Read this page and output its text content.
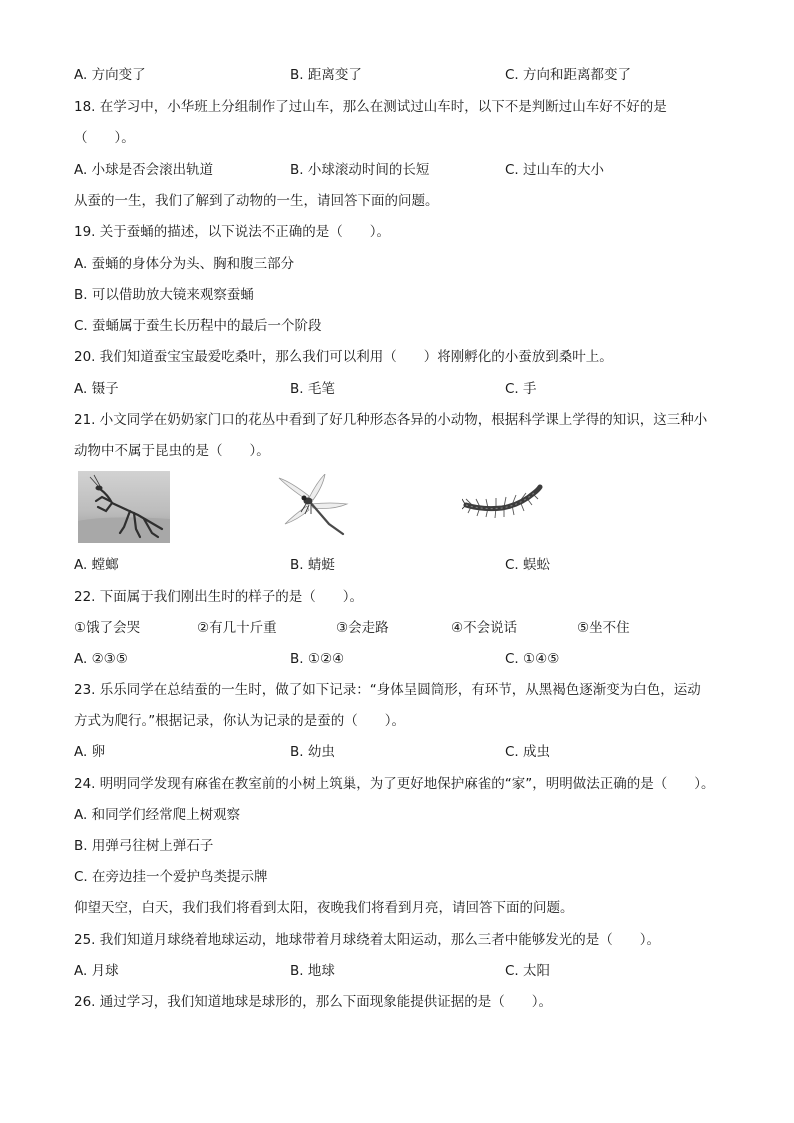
A. 方向变了	B. 距离变了	C. 方向和距离都变了
18. 在学习中，小华班上分组制作了过山车，那么在测试过山车时，以下不是判断过山车好不好的是
（　　）。
A. 小球是否会滚出轨道	B. 小球滚动时间的长短	C. 过山车的大小
从蚕的一生，我们了解到了动物的一生，请回答下面的问题。
19. 关于蚕蛹的描述，以下说法不正确的是（　　）。
A. 蚕蛹的身体分为头、胸和腹三部分
B. 可以借助放大镜来观察蚕蛹
C. 蚕蛹属于蚕生长历程中的最后一个阶段
20. 我们知道蚕宝宝最爱吃桑叶，那么我们可以利用（　　）将刚孵化的小蚕放到桑叶上。
A. 镊子	B. 毛笔	C. 手
21. 小文同学在奶奶家门口的花丛中看到了好几种形态各异的小动物，根据科学课上学得的知识，这三种小
动物中不属于昆虫的是（　　）。
A. 螳螂	B. 蜻蜓	C. 蜈蚣
22. 下面属于我们刚出生时的样子的是（　　）。
①饿了会哭	②有几十斤重	③会走路	④不会说话	⑤坐不住
A. ②③⑤	B. ①②④	C. ①④⑤
23. 乐乐同学在总结蚕的一生时，做了如下记录：“身体呈圆筒形，有环节，从黑褐色逐渐变为白色，运动
方式为爬行。”根据记录，你认为记录的是蚕的（　　）。
A. 卵	B. 幼虫	C. 成虫
24. 明明同学发现有麻雀在教室前的小树上筑巢，为了更好地保护麻雀的“家”，明明做法正确的是（　　）。
A. 和同学们经常爬上树观察
B. 用弹弓往树上弹石子
C. 在旁边挂一个爱护鸟类提示牌
仰望天空，白天，我们我们将看到太阳，夜晚我们将看到月亮，请回答下面的问题。
25. 我们知道月球绕着地球运动，地球带着月球绕着太阳运动，那么三者中能够发光的是（　　）。
A. 月球	B. 地球	C. 太阳
26. 通过学习，我们知道地球是球形的，那么下面现象能提供证据的是（　　）。
